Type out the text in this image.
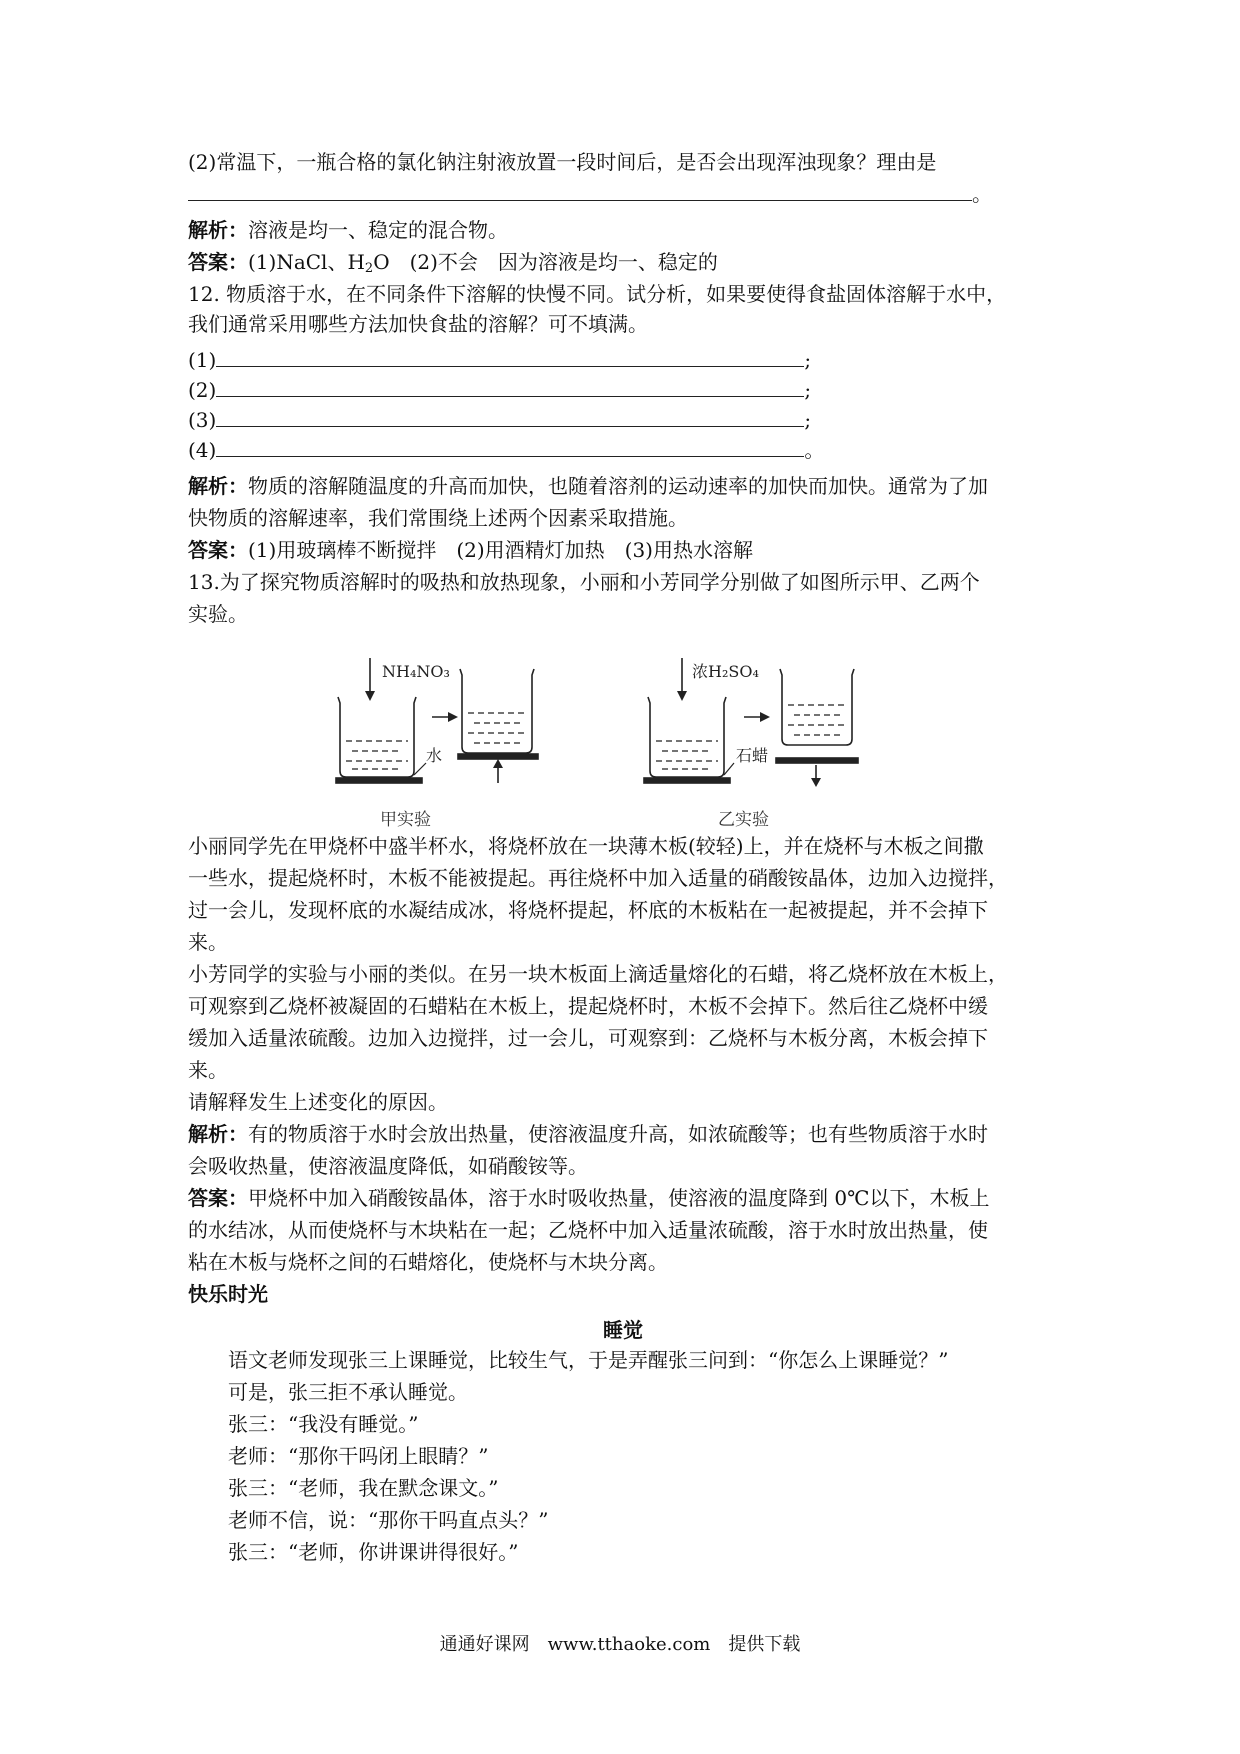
(2)常温下，一瓶合格的氯化钠注射液放置一段时间后，是否会出现浑浊现象？理由是
。
解析：溶液是均一、稳定的混合物。
答案：(1)NaCl、$H_2O$　(2)不会　因为溶液是均一、稳定的
12. 物质溶于水，在不同条件下溶解的快慢不同。试分析，如果要使得食盐固体溶解于水中，
我们通常采用哪些方法加快食盐的溶解？可不填满。
(1)	;
(2)	;
(3)	;
(4)	。
解析：物质的溶解随温度的升高而加快，也随着溶剂的运动速率的加快而加快。通常为了加
快物质的溶解速率，我们常围绕上述两个因素采取措施。
答案：(1)用玻璃棒不断搅拌　(2)用酒精灯加热　(3)用热水溶解
13.为了探究物质溶解时的吸热和放热现象，小丽和小芳同学分别做了如图所示甲、乙两个
实验。
NH₄NO₃
水
甲实验
浓H₂SO₄
石蜡
乙实验
小丽同学先在甲烧杯中盛半杯水，将烧杯放在一块薄木板(较轻)上，并在烧杯与木板之间撒
一些水，提起烧杯时，木板不能被提起。再往烧杯中加入适量的硝酸铵晶体，边加入边搅拌，
过一会儿，发现杯底的水凝结成冰，将烧杯提起，杯底的木板粘在一起被提起，并不会掉下
来。
小芳同学的实验与小丽的类似。在另一块木板面上滴适量熔化的石蜡，将乙烧杯放在木板上，
可观察到乙烧杯被凝固的石蜡粘在木板上，提起烧杯时，木板不会掉下。然后往乙烧杯中缓
缓加入适量浓硫酸。边加入边搅拌，过一会儿，可观察到：乙烧杯与木板分离，木板会掉下
来。
请解释发生上述变化的原因。
解析：有的物质溶于水时会放出热量，使溶液温度升高，如浓硫酸等；也有些物质溶于水时
会吸收热量，使溶液温度降低，如硝酸铵等。
答案：甲烧杯中加入硝酸铵晶体，溶于水时吸收热量，使溶液的温度降到 0℃以下，木板上
的水结冰，从而使烧杯与木块粘在一起；乙烧杯中加入适量浓硫酸，溶于水时放出热量，使
粘在木板与烧杯之间的石蜡熔化，使烧杯与木块分离。
快乐时光
睡觉
语文老师发现张三上课睡觉，比较生气，于是弄醒张三问到：“你怎么上课睡觉？”
可是，张三拒不承认睡觉。
张三：“我没有睡觉。”
老师：“那你干吗闭上眼睛？”
张三：“老师，我在默念课文。”
老师不信，说：“那你干吗直点头？”
张三：“老师，你讲课讲得很好。”
通通好课网　www.tthaoke.com　提供下载
